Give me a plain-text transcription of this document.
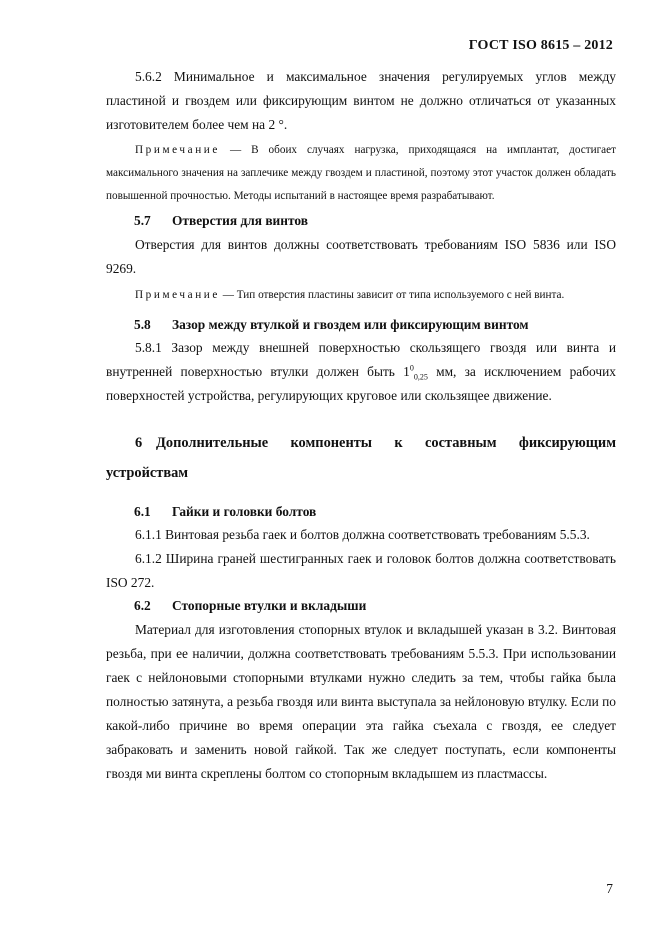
ГОСТ ISO 8615 – 2012

5.6.2 Минимальное и максимальное значения регулируемых углов между пластиной и гвоздем или фиксирующим винтом не должно отличаться от указанных изготовителем более чем на 2 °.

Примечание — В обоих случаях нагрузка, приходящаяся на имплантат, достигает максимального значения на заплечике между гвоздем и пластиной, поэтому этот участок должен обладать повышенной прочностью. Методы испытаний в настоящее время разрабатывают.

5.7 Отверстия для винтов

Отверстия для винтов должны соответствовать требованиям ISO 5836 или ISO 9269.

Примечание — Тип отверстия пластины зависит от типа используемого с ней винта.

5.8 Зазор между втулкой и гвоздем или фиксирующим винтом

5.8.1 Зазор между внешней поверхностью скользящего гвоздя или винта и внутренней поверхностью втулки должен быть $1^0_{0,25}$ мм, за исключением рабочих поверхностей устройства, регулирующих круговое или скользящее движение.

6 Дополнительные компоненты к составным фиксирующим устройствам
6.1 Гайки и головки болтов

6.1.1 Винтовая резьба гаек и болтов должна соответствовать требованиям 5.5.3.

6.1.2 Ширина граней шестигранных гаек и головок болтов должна соответствовать ISO 272.

6.2 Стопорные втулки и вкладыши

Материал для изготовления стопорных втулок и вкладышей указан в 3.2. Винтовая резьба, при ее наличии, должна соответствовать требованиям 5.5.3. При использовании гаек с нейлоновыми стопорными втулками нужно следить за тем, чтобы гайка была полностью затянута, а резьба гвоздя или винта выступала за нейлоновую втулку. Если по какой-либо причине во время операции эта гайка съехала с гвоздя, ее следует забраковать и заменить новой гайкой. Так же следует поступать, если компоненты гвоздя ми винта скреплены болтом со стопорным вкладышем из пластмассы.

7
